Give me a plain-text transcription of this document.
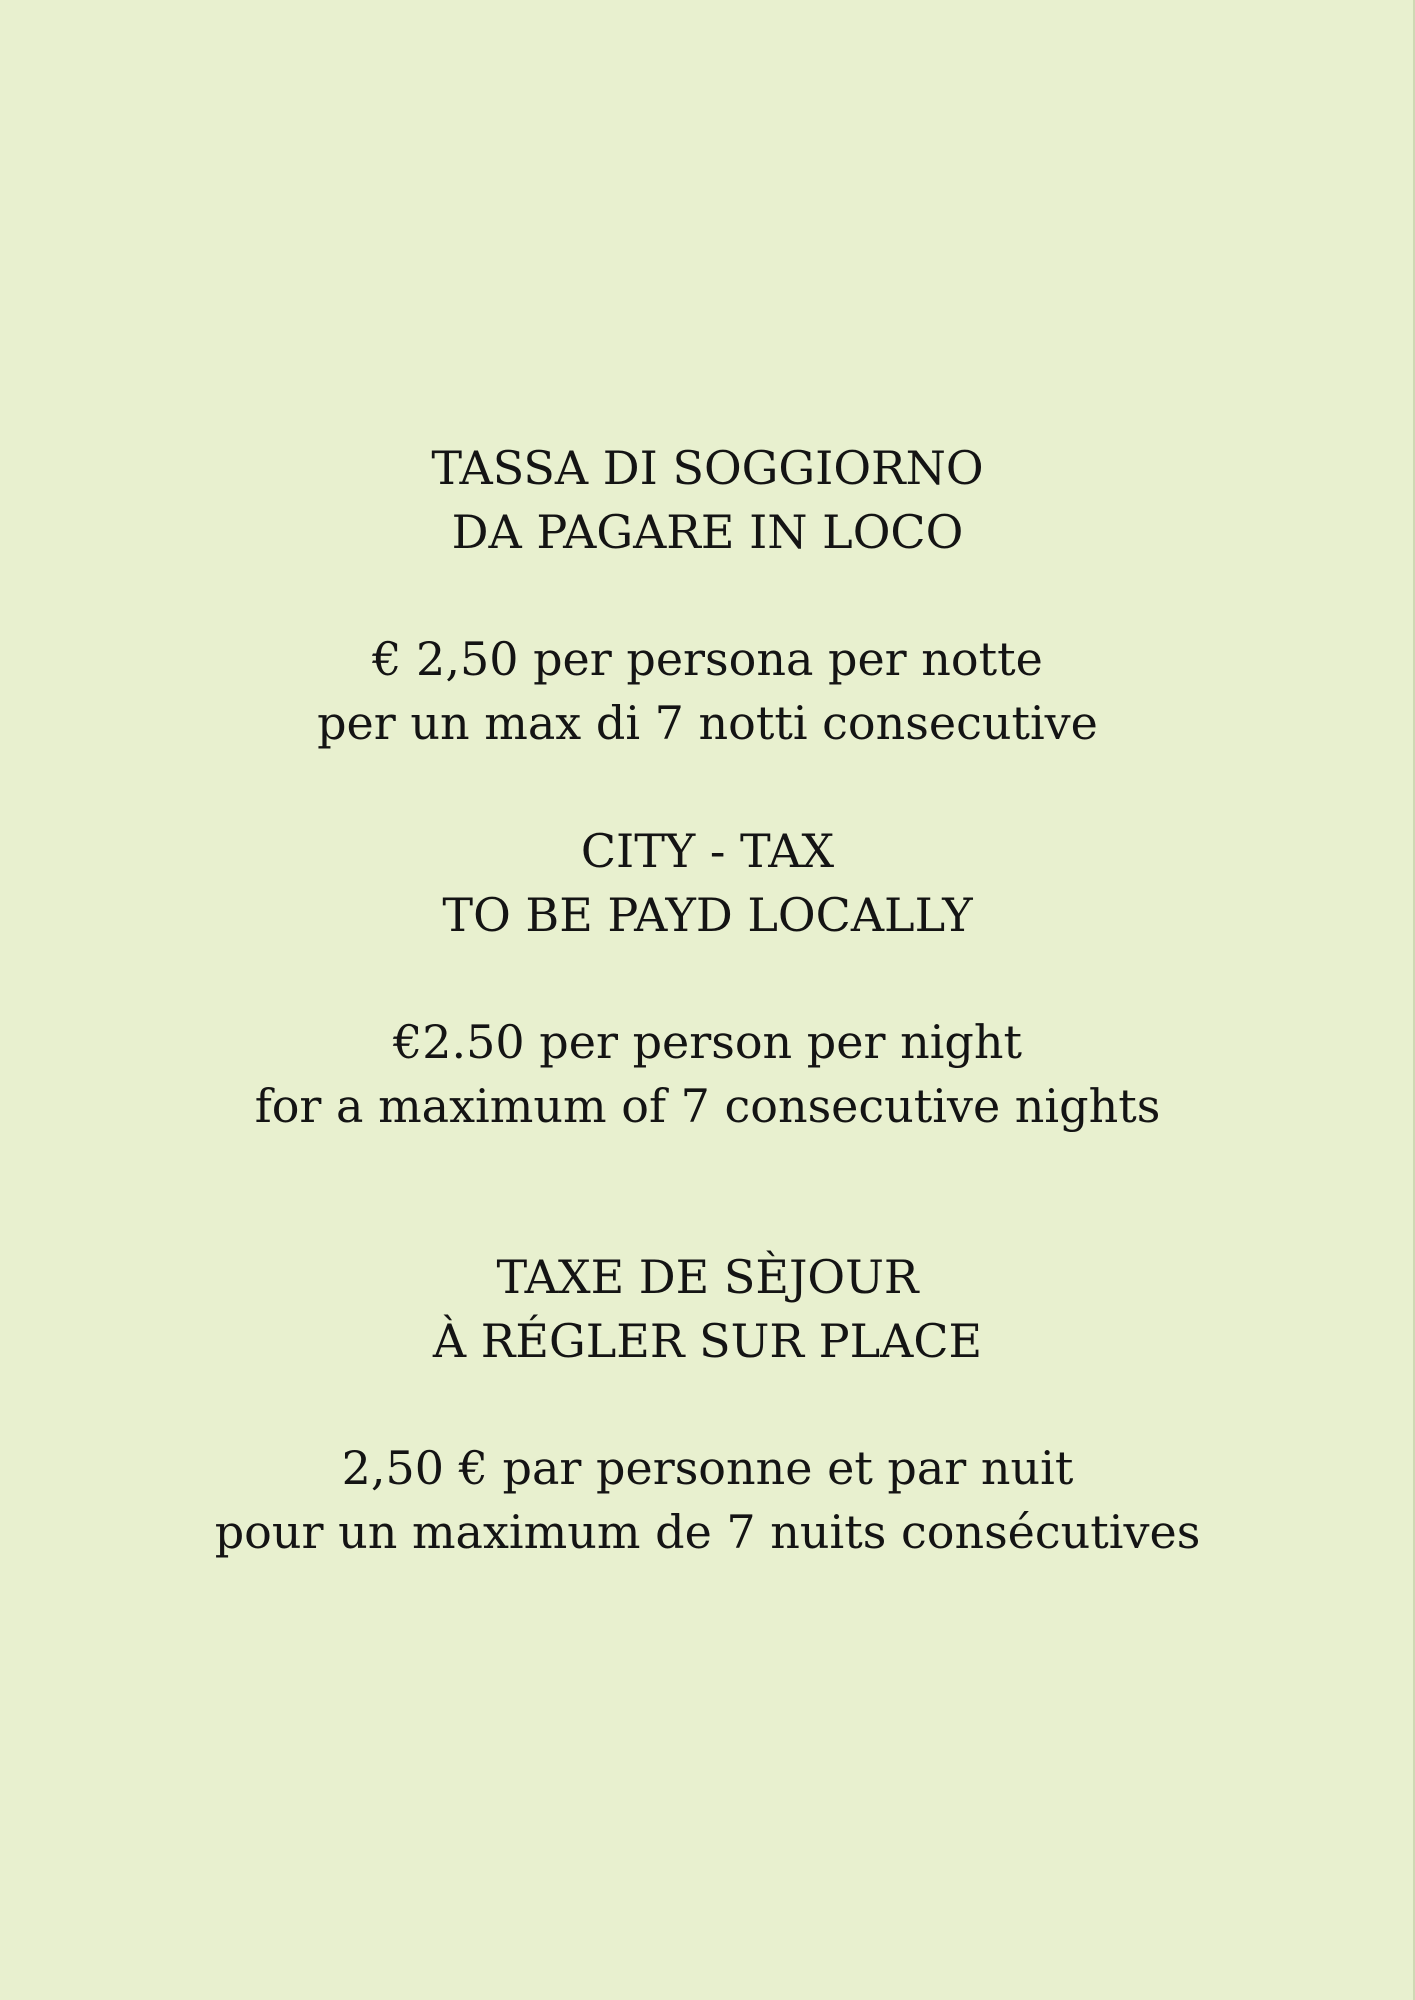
TASSA DI SOGGIORNO
DA PAGARE IN LOCO
€ 2,50 per persona per notte
per un max di 7 notti consecutive
CITY - TAX
TO BE PAYD LOCALLY
€2.50 per person per night
for a maximum of 7 consecutive nights
TAXE DE SÈJOUR
À RÉGLER SUR PLACE
2,50 € par personne et par nuit
pour un maximum de 7 nuits consécutives
